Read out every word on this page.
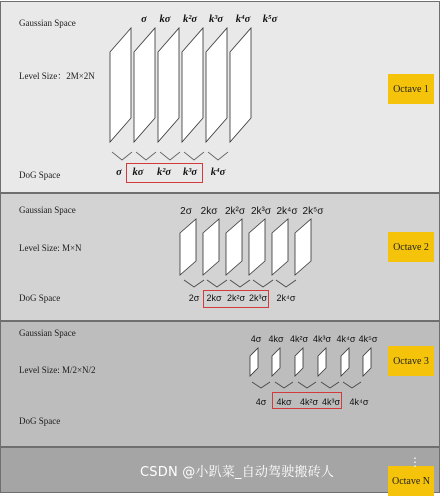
Gaussian Space
Level Size：2M×2N
DoG Space
Octave 1
σ kσ k²σ k³σ k⁴σ k⁵σ
σ kσ k²σ k³σ k⁴σ
Gaussian Space
Level Size: M×N
DoG Space
Octave 2
2σ 2kσ 2k²σ 2k³σ 2k⁴σ 2k⁵σ
2σ 2kσ 2k²σ 2k³σ 2k⁴σ
Gaussian Space
Level Size: M/2×N/2
DoG Space
Octave 3
4σ 4kσ 4k²σ 4k³σ 4k⁴σ 4k⁵σ
4σ 4kσ 4k²σ 4k³σ 4k⁴σ
Octave N
CSDN @小趴菜_自动驾驶搬砖人
⋮
